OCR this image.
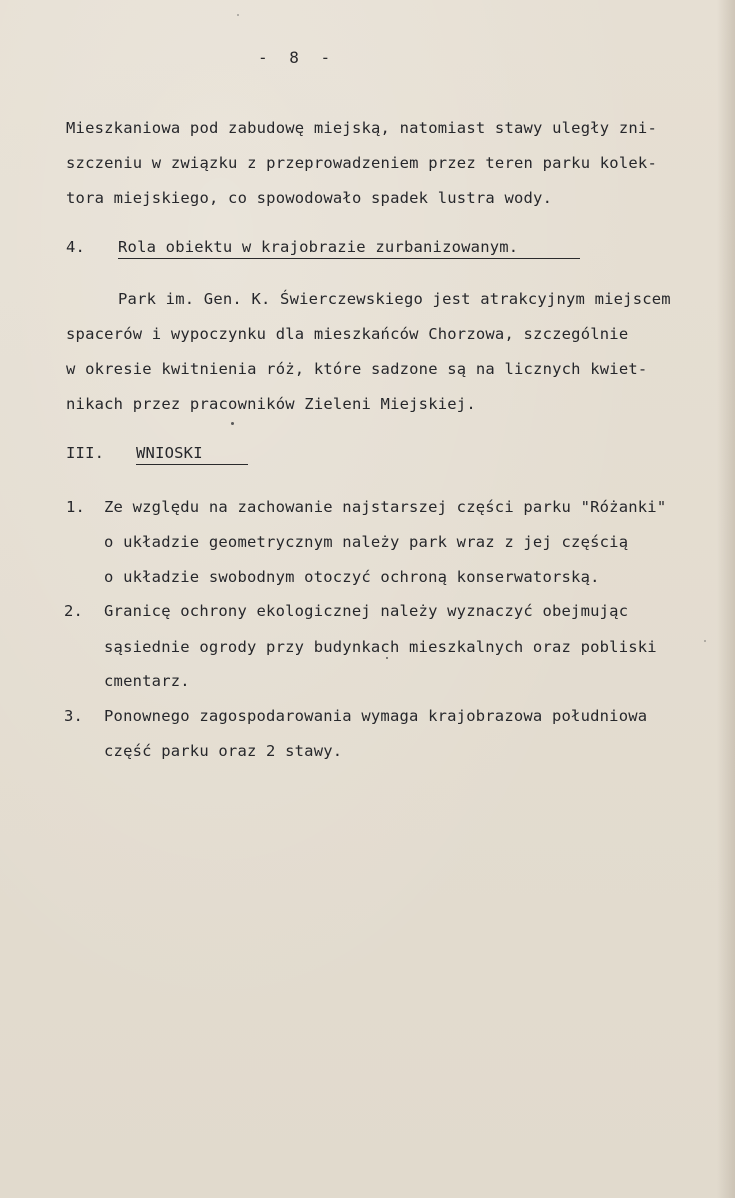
- 8 -
Mieszkaniowa pod zabudowę miejską, natomiast stawy uległy zni-
szczeniu w związku z przeprowadzeniem przez teren parku kolek-
tora miejskiego, co spowodowało spadek lustra wody.
4. Rola obiektu w krajobrazie zurbanizowanym.
Park im. Gen. K. Świerczewskiego jest atrakcyjnym miejscem
spacerów i wypoczynku dla mieszkańców Chorzowa, szczególnie
w okresie kwitnienia róż, które sadzone są na licznych kwiet-
nikach przez pracowników Zieleni Miejskiej.
III. WNIOSKI
1. Ze względu na zachowanie najstarszej części parku "Różanki"
o układzie geometrycznym należy park wraz z jej częścią
o układzie swobodnym otoczyć ochroną konserwatorską.
2. Granicę ochrony ekologicznej należy wyznaczyć obejmując
sąsiednie ogrody przy budynkach mieszkalnych oraz pobliski
cmentarz.
3. Ponownego zagospodarowania wymaga krajobrazowa południowa
część parku oraz 2 stawy.
